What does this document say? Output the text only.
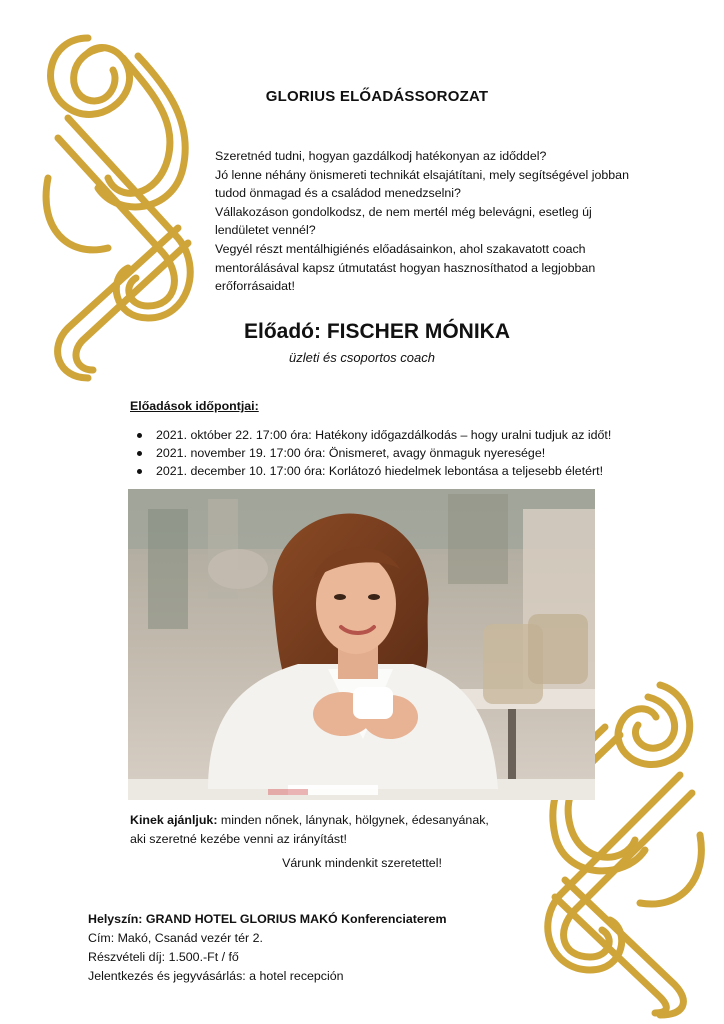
GLORIUS ELŐADÁSSOROZAT
Szeretnéd tudni, hogyan gazdálkodj hatékonyan az időddel?
Jó lenne néhány önismereti technikát elsajátítani, mely segítségével jobban
tudod önmagad és a családod menedzselni?
Vállakozáson gondolkodsz, de nem mertél még belevágni, esetleg új
lendületet vennél?
Vegyél részt mentálhigiénés előadásainkon, ahol szakavatott coach
mentorálásával kapsz útmutatást hogyan hasznosíthatod a legjobban
erőforrásaidat!
Előadó: FISCHER MÓNIKA
üzleti és csoportos coach
Előadások időpontjai:
2021. október 22. 17:00 óra: Hatékony időgazdálkodás – hogy uralni tudjuk az időt!
2021. november 19. 17:00 óra: Önismeret, avagy önmaguk nyeresége!
2021. december 10. 17:00 óra: Korlátozó hiedelmek lebontása a teljesebb életért!
Kinek ajánljuk: minden nőnek, lánynak, hölgynek, édesanyának,
aki szeretné kezébe venni az irányítást!
Várunk mindenkit szeretettel!
Helyszín: GRAND HOTEL GLORIUS MAKÓ Konferenciaterem
Cím: Makó, Csanád vezér tér 2.
Részvételi díj: 1.500.-Ft / fő
Jelentkezés és jegyvásárlás: a hotel recepción
